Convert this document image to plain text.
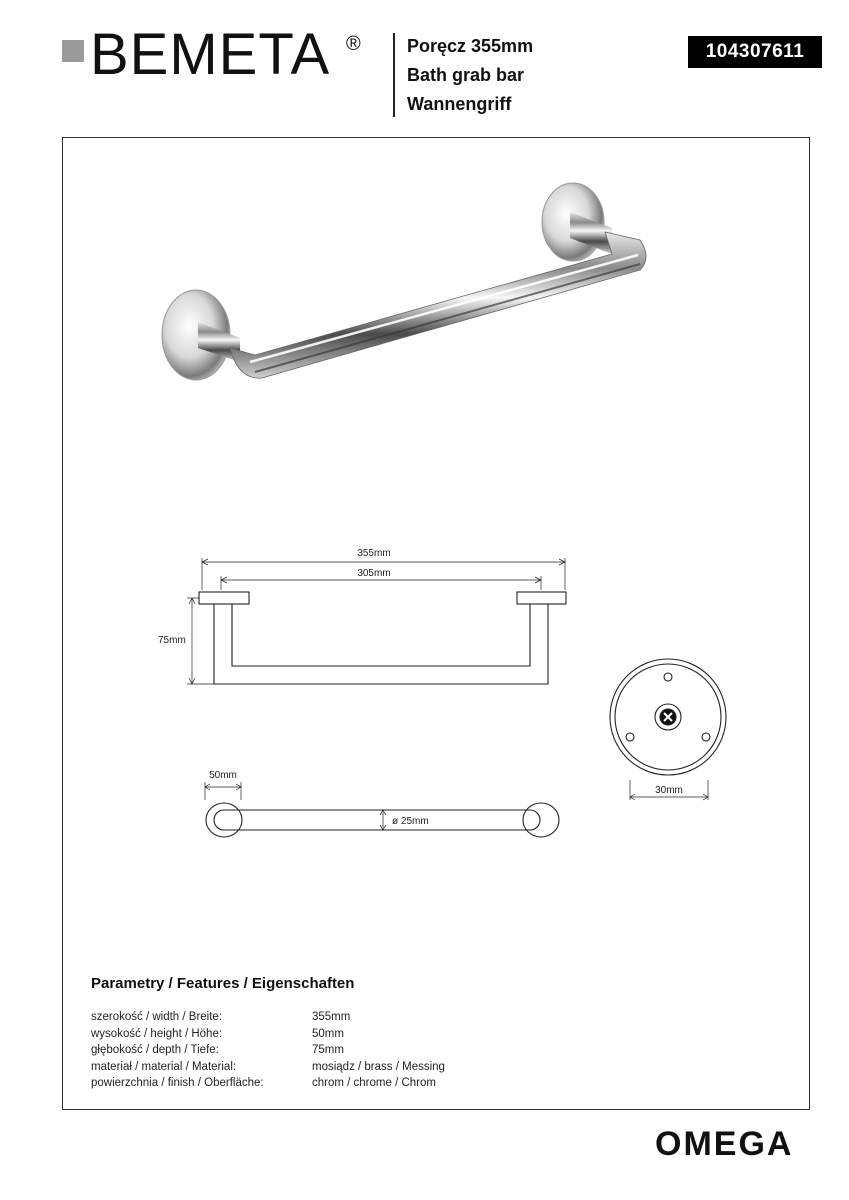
BEMETA ®	Poręcz 355mm
Bath grab bar
Wannengriff
104307611
355mm
305mm
75mm
50mm
ø 25mm
30mm
Parametry / Features / Eigenschaften
szerokość / width / Breite:	355mm
wysokość / height / Höhe:	50mm
głębokość / depth / Tiefe:	75mm
materiał / material / Material:	mosiądz / brass / Messing
powierzchnia / finish / Oberfläche:	chrom / chrome / Chrom
OMEGA
